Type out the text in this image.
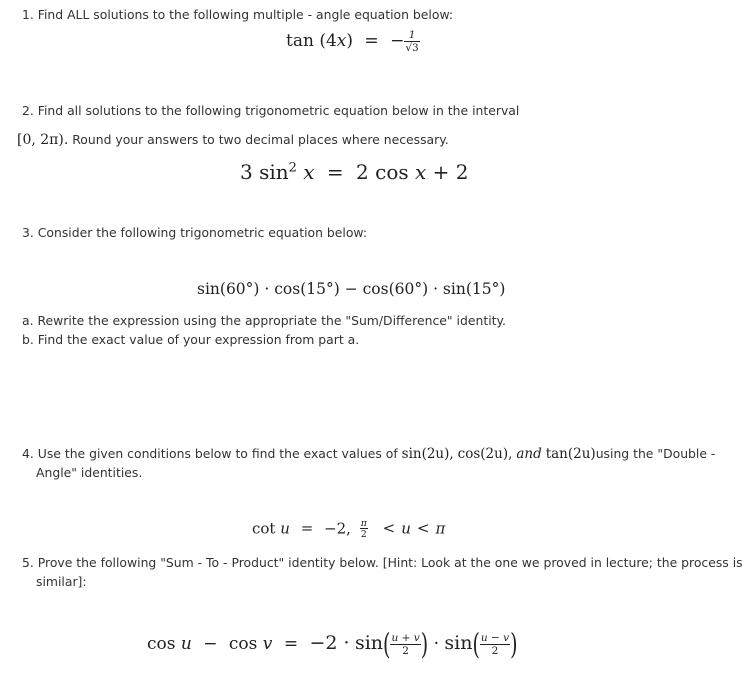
1. Find ALL solutions to the following multiple - angle equation below:
tan (4x) = − $\frac{1}{√3}$
2. Find all solutions to the following trigonometric equation below in the interval
[0, 2π). Round your answers to two decimal places where necessary.
3 $\sin^2 x = 2$ cos x + 2
3. Consider the following trigonometric equation below:
sin(60°) · cos(15°) − cos(60°) · sin(15°)
a. Rewrite the expression using the appropriate the "Sum/Difference" identity.
b. Find the exact value of your expression from part a.
4. Use the given conditions below to find the exact values of sin(2u), cos(2u), and tan(2u)using the "Double -
Angle" identities.
cot u = −2, $\frac{\pi}{2} < u < \pi$
5. Prove the following "Sum - To - Product" identity below. [Hint: Look at the one we proved in lecture; the process is
similar]:
$\cos u - \cos v = -2 \cdot \sin( \frac{u + v}{2}$ ) · $\sin( \frac{u - v}{2}$ )
